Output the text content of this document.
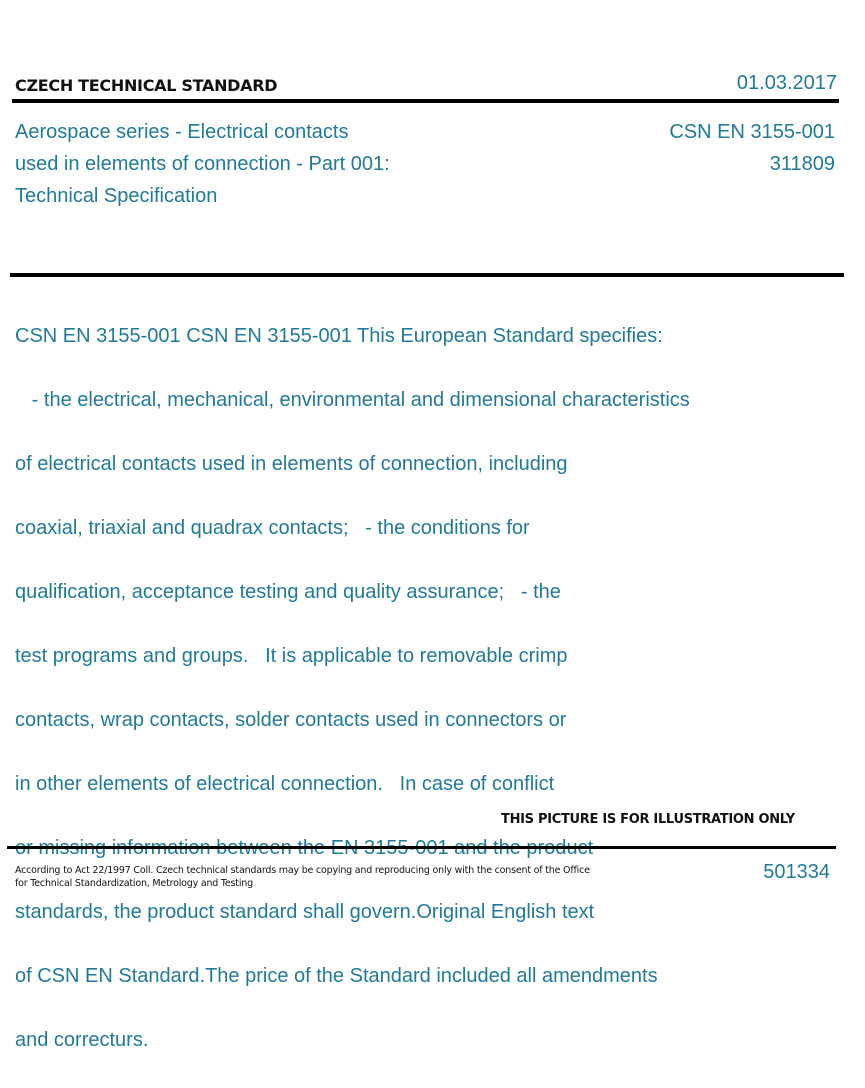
CZECH TECHNICAL STANDARD	01.03.2017
Aerospace series - Electrical contacts used in elements of connection - Part 001: Technical Specification
CSN EN 3155-001
311809

CSN EN 3155-001 CSN EN 3155-001 This European Standard specifies:

- the electrical, mechanical, environmental and dimensional characteristics

of electrical contacts used in elements of connection, including

coaxial, triaxial and quadrax contacts;   - the conditions for

qualification, acceptance testing and quality assurance;   - the

test programs and groups.   It is applicable to removable crimp

contacts, wrap contacts, solder contacts used in connectors or

in other elements of electrical connection.   In case of conflict

standards, the product standard shall govern.Original English text

of CSN EN Standard.The price of the Standard included all amendments

and correcturs.

THIS PICTURE IS FOR ILLUSTRATION ONLY
According to Act 22/1997 Coll. Czech technical standards may be copying and reproducing only with the consent of the Office
for Technical Standardization, Metrology and Testing
501334
